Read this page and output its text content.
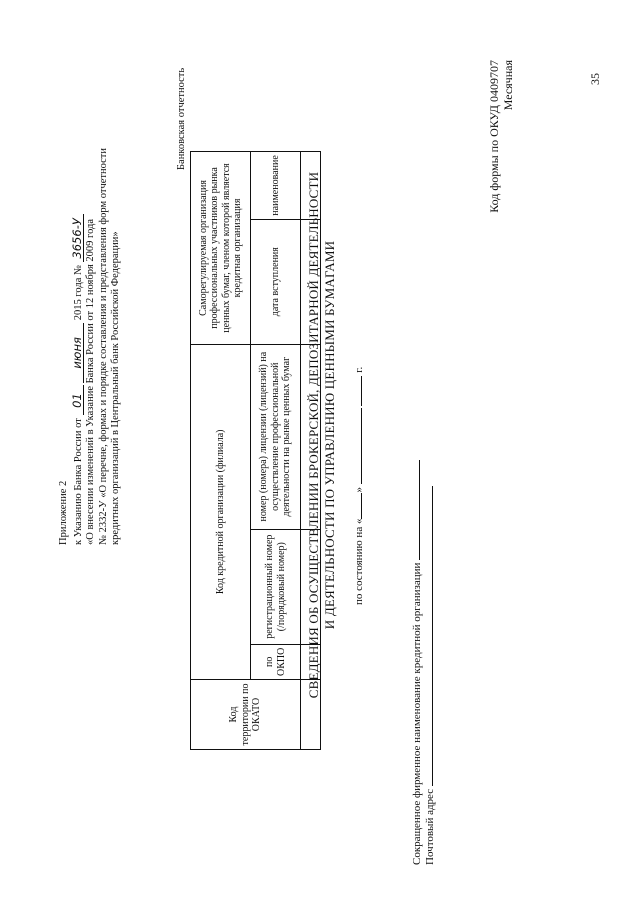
Приложение 2 к Указанию Банка России от 01 июня 2015 года № 3656-У «О внесении изменений в Указание Банка России от 12 ноября 2009 года № 2332-У «О перечне, формах и порядке составления и представления форм отчетности кредитных организаций в Центральный банк Российской Федерации»
Банковская отчетность
Код территории по ОКАТО	Код кредитной организации (филиала)			Саморегулируемая организация профессиональных участников рынка ценных бумаг, членом которой является кредитная организация	
	по ОКПО	регистрационный номер (/порядковый номер)	номер (номера) лицензии (лицензий) на осуществление профессиональной деятельности на рынке ценных бумаг	дата вступления	наименование
					СВЕДЕНИЯ ОБ ОСУЩЕСТВЛЕНИИ БРОКЕРСКОЙ, ДЕПОЗИТАРНОЙ ДЕЯТЕЛЬНОСТИ И ДЕЯТЕЛЬНОСТИ ПО УПРАВЛЕНИЮ ЦЕННЫМИ БУМАГАМИ по состоянию на «»   г.
Код формы по ОКУД 0409707 Месячная
Сокращенное фирменное наименование кредитной организации Почтовый адрес
35
